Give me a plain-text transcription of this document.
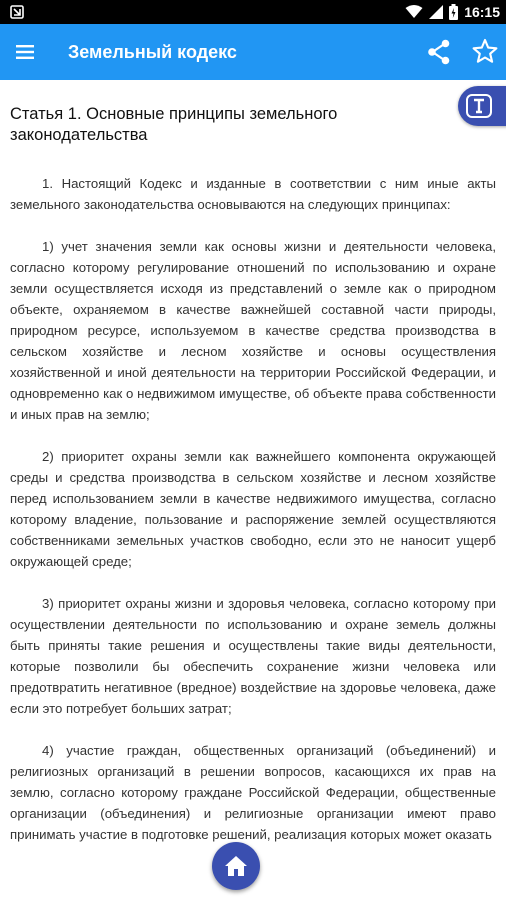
16:15
Земельный кодекс
Статья 1. Основные принципы земельного законодательства

1. Настоящий Кодекс и изданные в соответствии с ним иные акты земельного законодательства основываются на следующих принципах:

1) учет значения земли как основы жизни и деятельности человека, согласно которому регулирование отношений по использованию и охране земли осуществляется исходя из представлений о земле как о природном объекте, охраняемом в качестве важнейшей составной части природы, природном ресурсе, используемом в качестве средства производства в сельском хозяйстве и лесном хозяйстве и основы осуществления хозяйственной и иной деятельности на территории Российской Федерации, и одновременно как о недвижимом имуществе, об объекте права собственности и иных прав на землю;

2) приоритет охраны земли как важнейшего компонента окружающей среды и средства производства в сельском хозяйстве и лесном хозяйстве перед использованием земли в качестве недвижимого имущества, согласно которому владение, пользование и распоряжение землей осуществляются собственниками земельных участков свободно, если это не наносит ущерб окружающей среде;

3) приоритет охраны жизни и здоровья человека, согласно которому при осуществлении деятельности по использованию и охране земель должны быть приняты такие решения и осуществлены такие виды деятельности, которые позволили бы обеспечить сохранение жизни человека или предотвратить негативное (вредное) воздействие на здоровье человека, даже если это потребует больших затрат;

4) участие граждан, общественных организаций (объединений) и религиозных организаций в решении вопросов, касающихся их прав на землю, согласно которому граждане Российской Федерации, общественные организации (объединения) и религиозные организации имеют право принимать участие в подготовке решений, реализация которых может оказать
